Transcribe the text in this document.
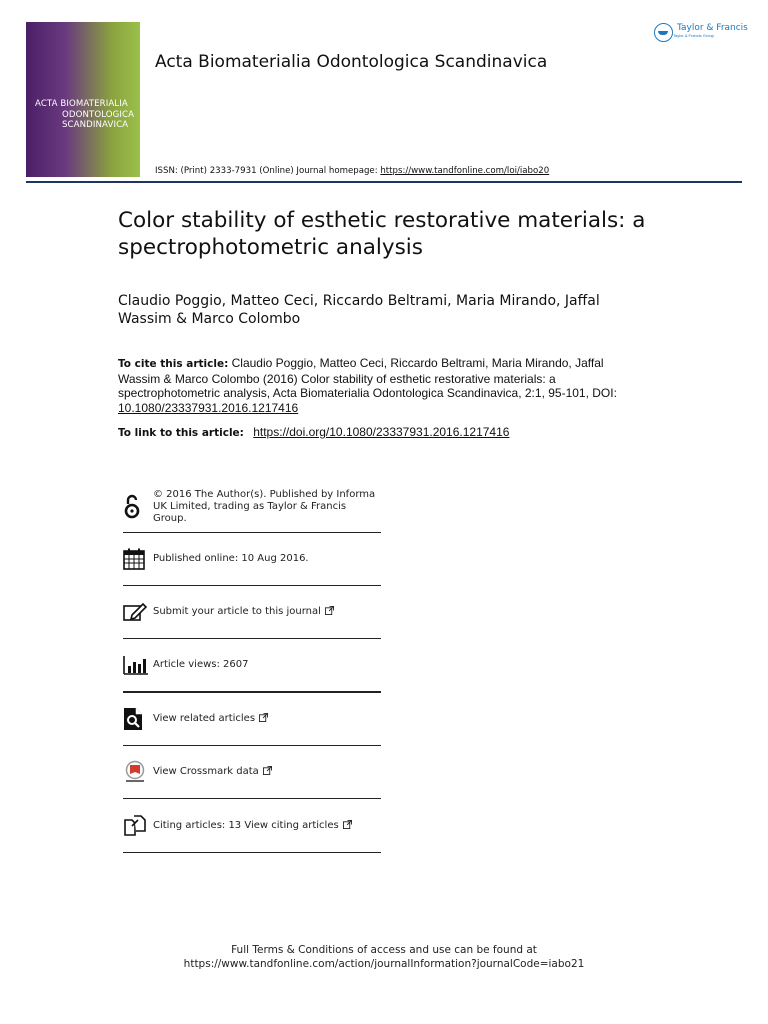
ACTA BIOMATERIALIA
ODONTOLOGICA
SCANDINAVICA
Acta Biomaterialia Odontologica Scandinavica
ISSN: (Print) 2333-7931 (Online) Journal homepage: https://www.tandfonline.com/loi/iabo20
Taylor & Francis
Taylor & Francis Group
Color stability of esthetic restorative materials: a spectrophotometric analysis
Claudio Poggio, Matteo Ceci, Riccardo Beltrami, Maria Mirando, Jaffal Wassim & Marco Colombo
To cite this article: Claudio Poggio, Matteo Ceci, Riccardo Beltrami, Maria Mirando, Jaffal Wassim & Marco Colombo (2016) Color stability of esthetic restorative materials: a spectrophotometric analysis, Acta Biomaterialia Odontologica Scandinavica, 2:1, 95-101, DOI: 10.1080/23337931.2016.1217416
To link to this article: https://doi.org/10.1080/23337931.2016.1217416
© 2016 The Author(s). Published by Informa UK Limited, trading as Taylor & Francis Group.
Published online: 10 Aug 2016.
Submit your article to this journal
Article views: 2607
View related articles
View Crossmark data
Citing articles: 13 View citing articles
Full Terms & Conditions of access and use can be found at
https://www.tandfonline.com/action/journalInformation?journalCode=iabo21
